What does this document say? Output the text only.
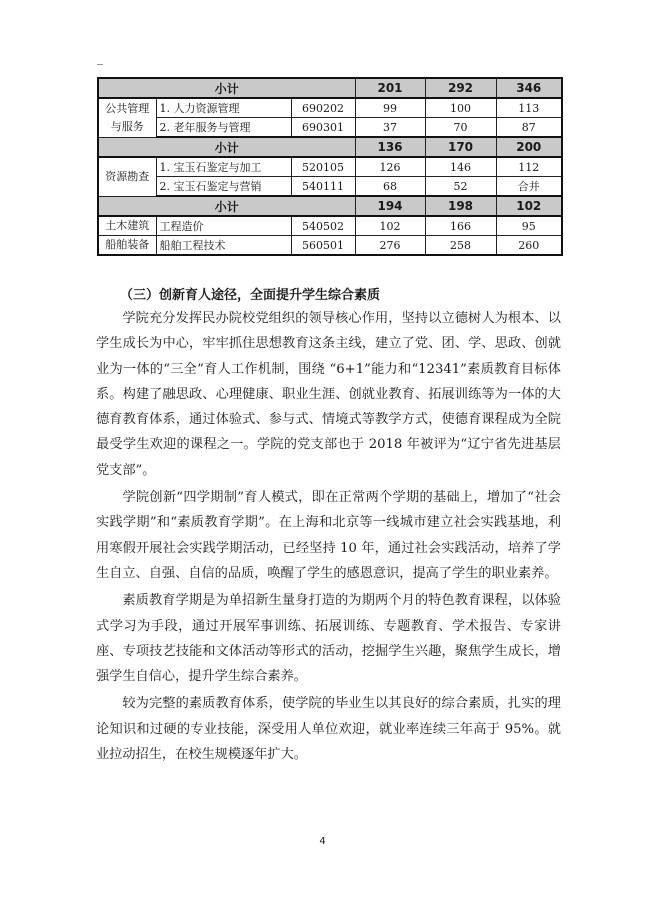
_
小计			201	292	346
公共管理与服务	1. 人力资源管理	690202	99	100	113
	2. 老年服务与管理	690301	37	70	87
小计			136	170	200
资源勘查	1. 宝玉石鉴定与加工	520105	126	146	112
	2. 宝玉石鉴定与营销	540111	68	52	合并
小计			194	198	102
土木建筑	工程造价	540502	102	166	95
船舶装备	船舶工程技术	560501	276	258	260
（三）创新育人途径，全面提升学生综合素质

学院充分发挥民办院校党组织的领导核心作用，坚持以立德树人为根本、以学生成长为中心，牢牢抓住思想教育这条主线，建立了党、团、学、思政、创就业为一体的“三全”育人工作机制，围绕 “6+1”能力和“12341”素质教育目标体系。构建了融思政、心理健康、职业生涯、创就业教育、拓展训练等为一体的大德育教育体系，通过体验式、参与式、情境式等教学方式，使德育课程成为全院最受学生欢迎的课程之一。学院的党支部也于 2018 年被评为“辽宁省先进基层党支部”。

学院创新“四学期制”育人模式，即在正常两个学期的基础上，增加了“社会实践学期”和“素质教育学期”。在上海和北京等一线城市建立社会实践基地，利用寒假开展社会实践学期活动，已经坚持 10 年，通过社会实践活动，培养了学生自立、自强、自信的品质，唤醒了学生的感恩意识，提高了学生的职业素养。

素质教育学期是为单招新生量身打造的为期两个月的特色教育课程，以体验式学习为手段，通过开展军事训练、拓展训练、专题教育、学术报告、专家讲座、专项技艺技能和文体活动等形式的活动，挖掘学生兴趣，聚焦学生成长，增强学生自信心，提升学生综合素养。

较为完整的素质教育体系，使学院的毕业生以其良好的综合素质，扎实的理论知识和过硬的专业技能，深受用人单位欢迎，就业率连续三年高于 95%。就业拉动招生，在校生规模逐年扩大。

4
